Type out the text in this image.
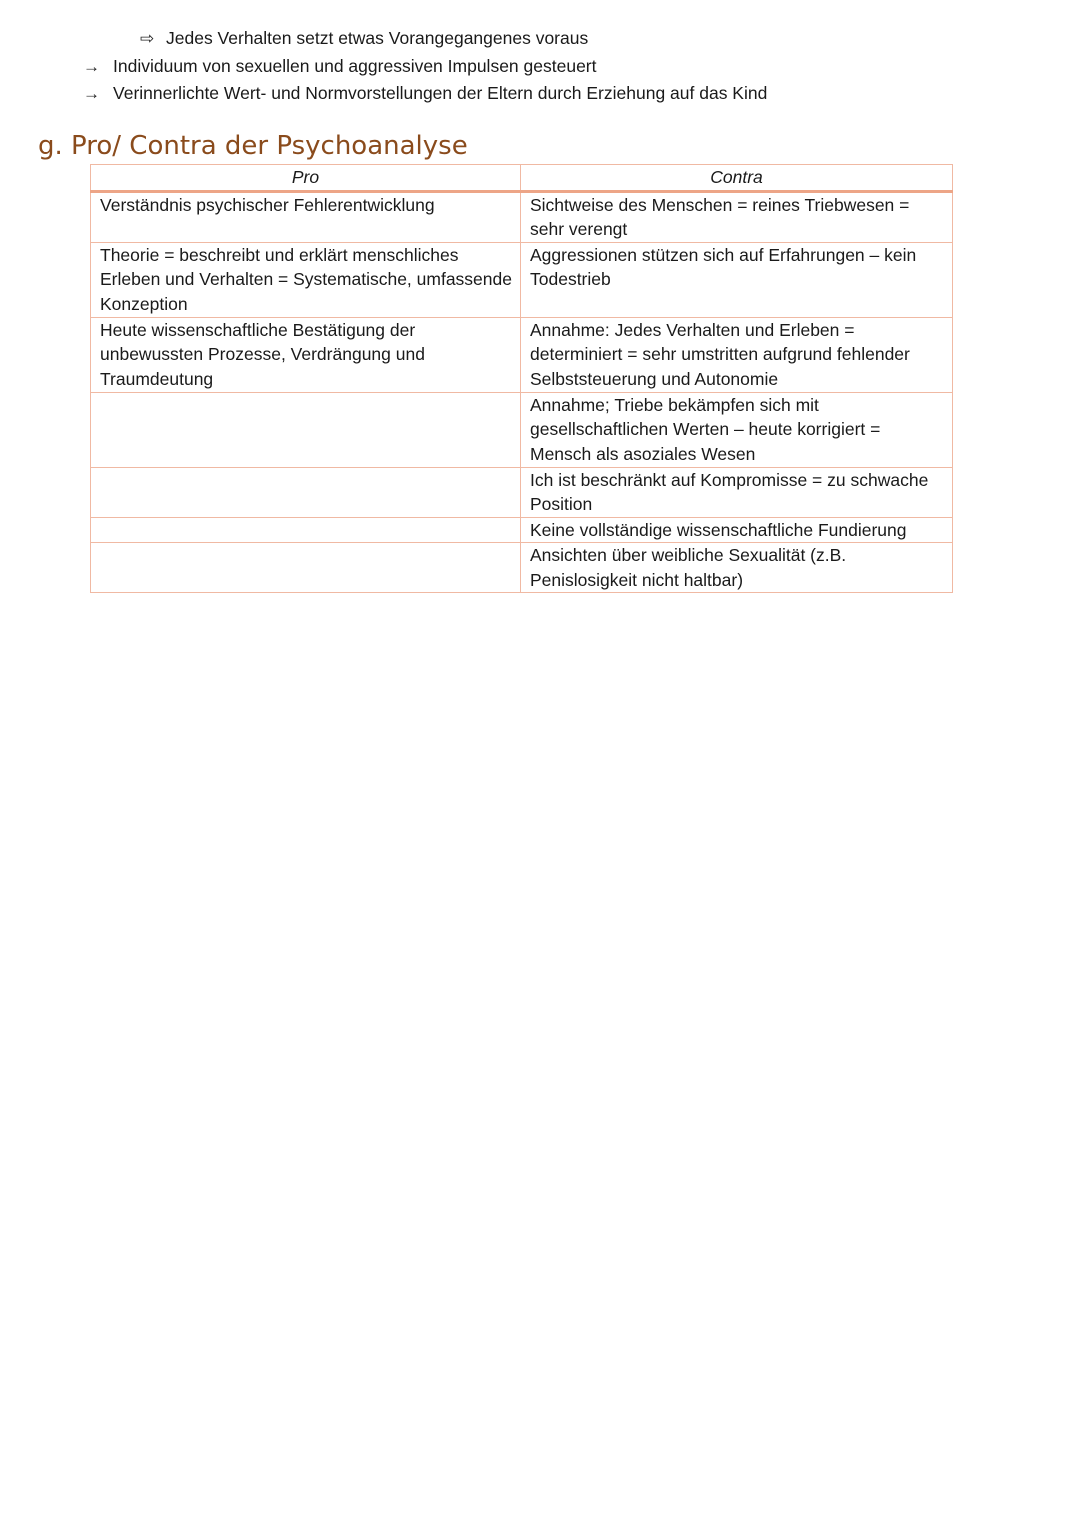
⇨ Jedes Verhalten setzt etwas Vorangegangenes voraus
→ Individuum von sexuellen und aggressiven Impulsen gesteuert
→ Verinnerlichte Wert- und Normvorstellungen der Eltern durch Erziehung auf das Kind
g. Pro/ Contra der Psychoanalyse
Pro	Contra

Verständnis psychischer Fehlerentwicklung	Sichtweise des Menschen = reines Triebwesen = sehr verengt

Theorie = beschreibt und erklärt menschliches Erleben und Verhalten = Systematische, umfassende Konzeption	Aggressionen stützen sich auf Erfahrungen – kein Todestrieb

Heute wissenschaftliche Bestätigung der unbewussten Prozesse, Verdrängung und Traumdeutung	Annahme: Jedes Verhalten und Erleben = determiniert = sehr umstritten aufgrund fehlender Selbststeuerung und Autonomie

	Annahme; Triebe bekämpfen sich mit gesellschaftlichen Werten – heute korrigiert = Mensch als asoziales Wesen

	Ich ist beschränkt auf Kompromisse = zu schwache Position

	Keine vollständige wissenschaftliche Fundierung

	Ansichten über weibliche Sexualität (z.B. Penislosigkeit nicht haltbar)
